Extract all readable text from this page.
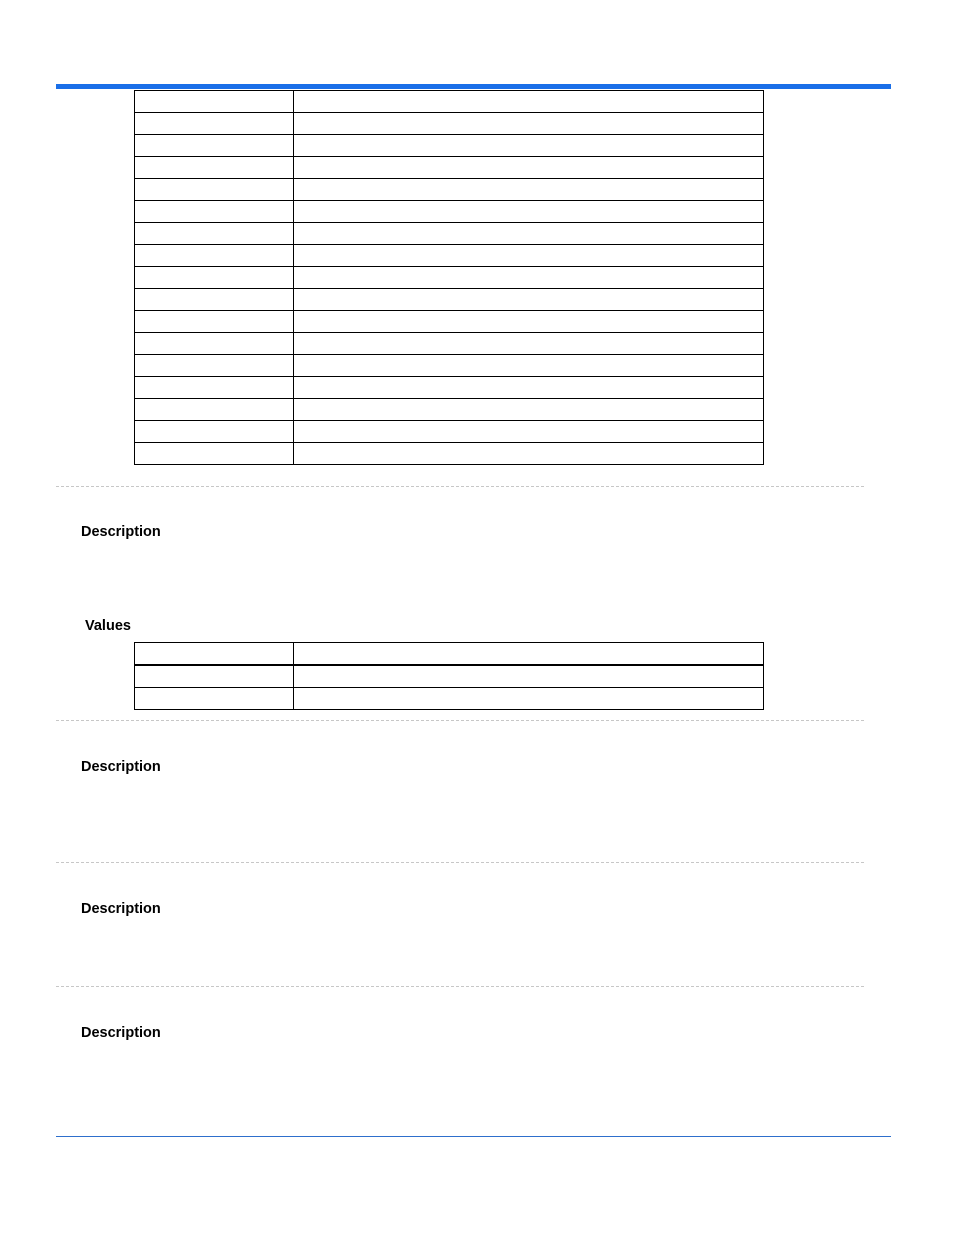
Description

Values

Description

Description

Description
